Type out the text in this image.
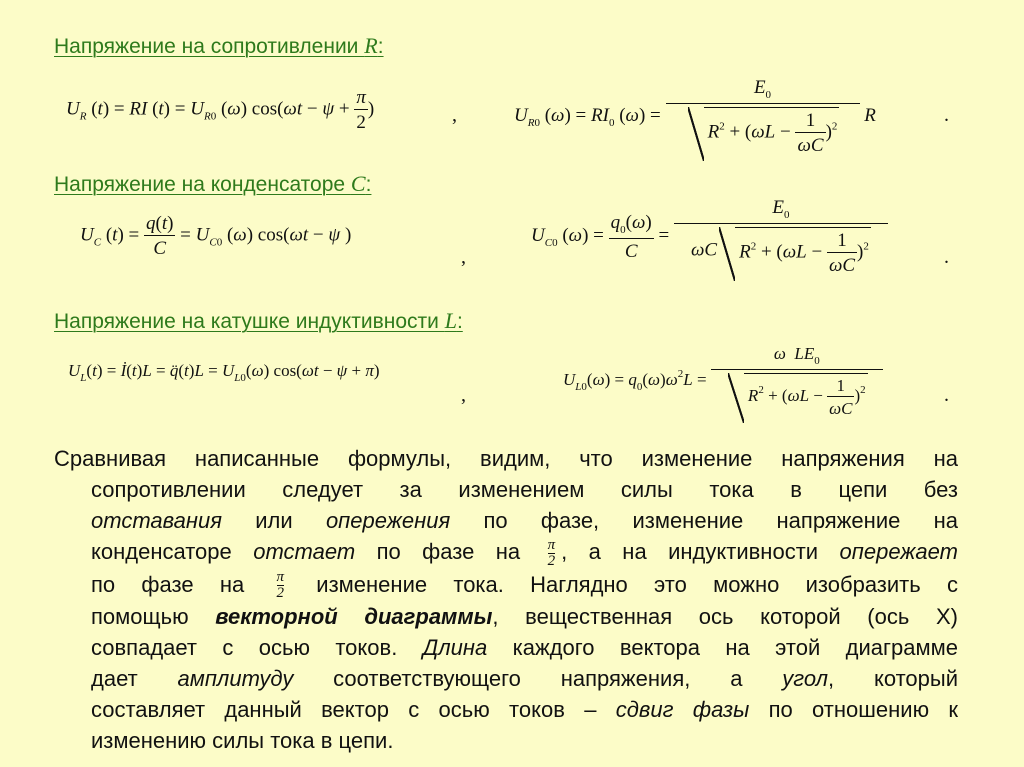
Напряжение на сопротивлении R:
$U_R$ (t) = RI $(t) = U_{R0}$ (ω) $\cos(\omega t - \psi + \frac{\pi}{2}$ )	,	$U_{R0}$ $(\omega) = RI_0$ $(\omega) = \frac{E_0}{R^2 + (\omega L - \frac{1}{\omega C} )^2}$ R	.
Напряжение на конденсаторе C:
$U_C$ $(t) = \frac{q(t)}{C} = U_{C0}$ (ω) cos(ωt − ψ )
,
$U_{C0}$ $(\omega) = \frac{q_0(\omega)}{C} = \frac{E_0}{\omega C R^2 + (\omega L - \frac{1}{\omega C} )^2}$	.
Напряжение на катушке индуктивности L:
$U_L(t)$ = İ(t)L = q̈(t)L = $U_{L0}(\omega) \cos(\omega t - \psi + \pi)$
,
$U_{L0}(\omega) = q_0(\omega)\omega^2L = \frac{\omega LE_0}{R^2 + (\omega L - \frac{1}{\omega C} )^2}$	.
Сравнивая написанные формулы, видим, что изменение напряжения на
сопротивлении следует за изменением силы тока в цепи без
отставания или опережения по фазе, изменение напряжение на
конденсаторе отстает по фазе на $\frac{\pi}{2}$ , а на индуктивности опережает
по фазе на $\frac{\pi}{2}$ изменение тока. Наглядно это можно изобразить с
помощью векторной диаграммы, вещественная ось которой (ось X)
совпадает с осью токов. Длина каждого вектора на этой диаграмме
дает амплитуду соответствующего напряжения, а угол, который
составляет данный вектор с осью токов – сдвиг фазы по отношению к
изменению силы тока в цепи.
